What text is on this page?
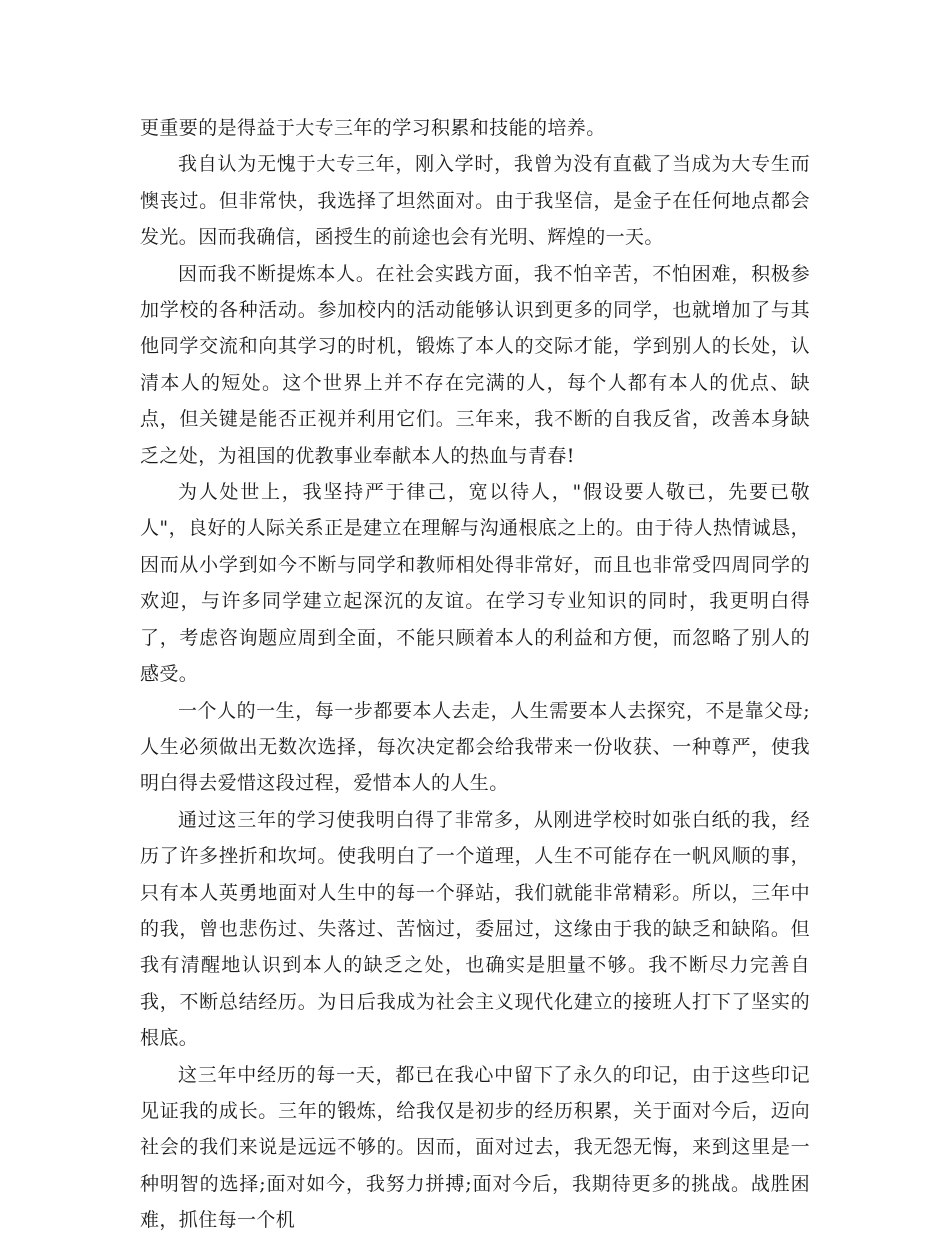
更重要的是得益于大专三年的学习积累和技能的培养。

我自认为无愧于大专三年，刚入学时，我曾为没有直截了当成为大专生而懊丧过。但非常快，我选择了坦然面对。由于我坚信，是金子在任何地点都会发光。因而我确信，函授生的前途也会有光明、辉煌的一天。

因而我不断提炼本人。在社会实践方面，我不怕辛苦，不怕困难，积极参加学校的各种活动。参加校内的活动能够认识到更多的同学，也就增加了与其他同学交流和向其学习的时机，锻炼了本人的交际才能，学到别人的长处，认清本人的短处。这个世界上并不存在完满的人，每个人都有本人的优点、缺点，但关键是能否正视并利用它们。三年来，我不断的自我反省，改善本身缺乏之处，为祖国的优教事业奉献本人的热血与青春!

为人处世上，我坚持严于律己，宽以待人，"假设要人敬已，先要已敬人"，良好的人际关系正是建立在理解与沟通根底之上的。由于待人热情诚恳，因而从小学到如今不断与同学和教师相处得非常好，而且也非常受四周同学的欢迎，与许多同学建立起深沉的友谊。在学习专业知识的同时，我更明白得了，考虑咨询题应周到全面，不能只顾着本人的利益和方便，而忽略了别人的感受。

一个人的一生，每一步都要本人去走，人生需要本人去探究，不是靠父母;人生必须做出无数次选择，每次决定都会给我带来一份收获、一种尊严，使我明白得去爱惜这段过程，爱惜本人的人生。

通过这三年的学习使我明白得了非常多，从刚进学校时如张白纸的我，经历了许多挫折和坎坷。使我明白了一个道理，人生不可能存在一帆风顺的事，只有本人英勇地面对人生中的每一个驿站，我们就能非常精彩。所以，三年中的我，曾也悲伤过、失落过、苦恼过，委屈过，这缘由于我的缺乏和缺陷。但我有清醒地认识到本人的缺乏之处，也确实是胆量不够。我不断尽力完善自我，不断总结经历。为日后我成为社会主义现代化建立的接班人打下了坚实的根底。

这三年中经历的每一天，都已在我心中留下了永久的印记，由于这些印记见证我的成长。三年的锻炼，给我仅是初步的经历积累，关于面对今后，迈向社会的我们来说是远远不够的。因而，面对过去，我无怨无悔，来到这里是一种明智的选择;面对如今，我努力拼搏;面对今后，我期待更多的挑战。战胜困难，抓住每一个机
